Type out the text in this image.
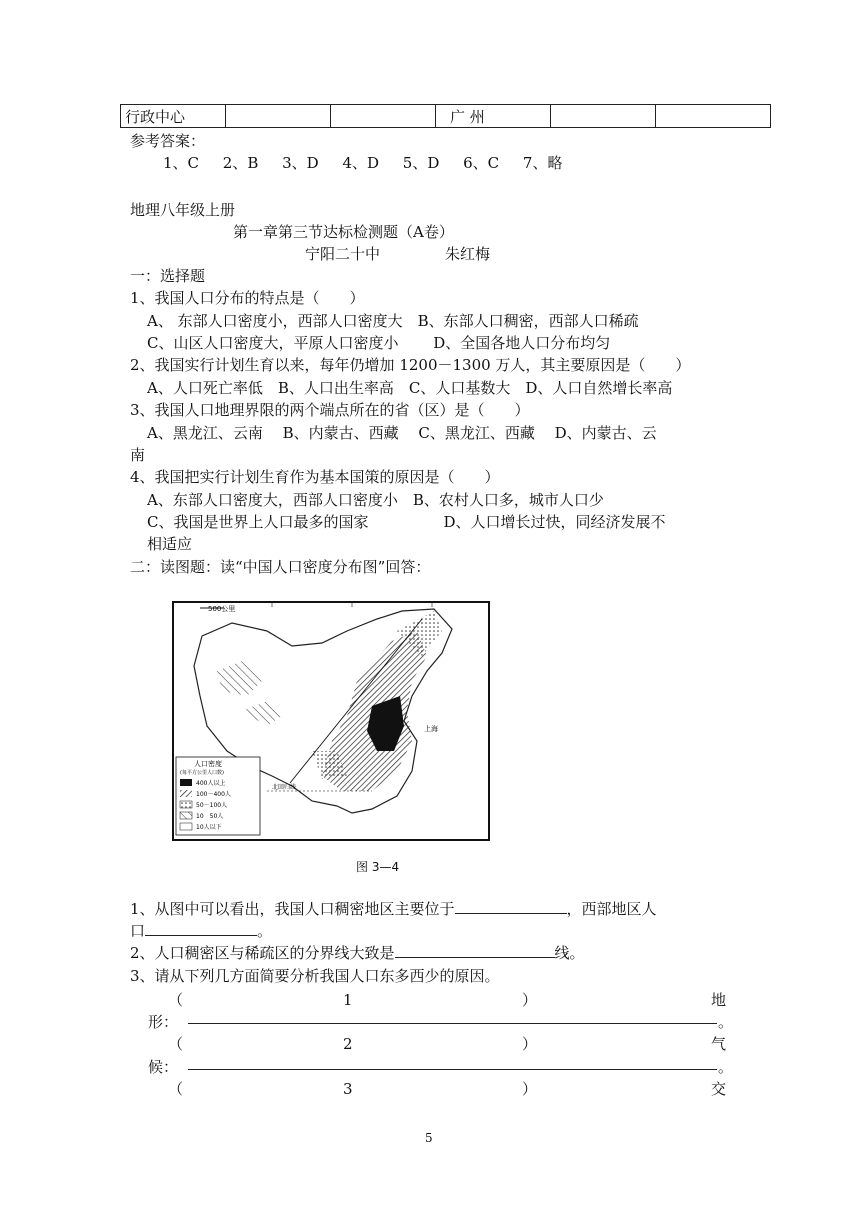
行政中心			广 州		
参考答案：
1、C　 2、B　 3、D　 4、D　 5、D　 6、C　 7、略
地理八年级上册
第一章第三节达标检测题（A卷）
宁阳二十中	朱红梅
一：选择题
1、我国人口分布的特点是（　　）
A、 东部人口密度小，西部人口密度大　B、东部人口稠密，西部人口稀疏
C、山区人口密度大，平原人口密度小　　 D、全国各地人口分布均匀
2、我国实行计划生育以来，每年仍增加 1200－1300 万人，其主要原因是（　　）
A、人口死亡率低　B、人口出生率高　C、人口基数大　D、人口自然增长率高
3、我国人口地理界限的两个端点所在的省（区）是（　　）
A、黑龙江、云南　 B、内蒙古、西藏　 C、黑龙江、西藏　 D、内蒙古、云
南
4、我国把实行计划生育作为基本国策的原因是（　　）
A、东部人口密度大，西部人口密度小　B、农村人口多，城市人口少
C、我国是世界上人口最多的国家　　　　　D、人口增长过快，同经济发展不
相适应
二：读图题：读“中国人口密度分布图”回答：
500公里
上海
北回归线
人口密度
(每平方公里人口数)
400人以上
100－400人
50－100人
10　50人
10人以下
图 3—4
1、从图中可以看出，我国人口稠密地区主要位于	，西部地区人
口	。
2、人口稠密区与稀疏区的分界线大致是	线。
3、请从下列几方面简要分析我国人口东多西少的原因。
（	1	）	地
形：	。
（	2	）	气
候：	。
（	3	）	交
5
